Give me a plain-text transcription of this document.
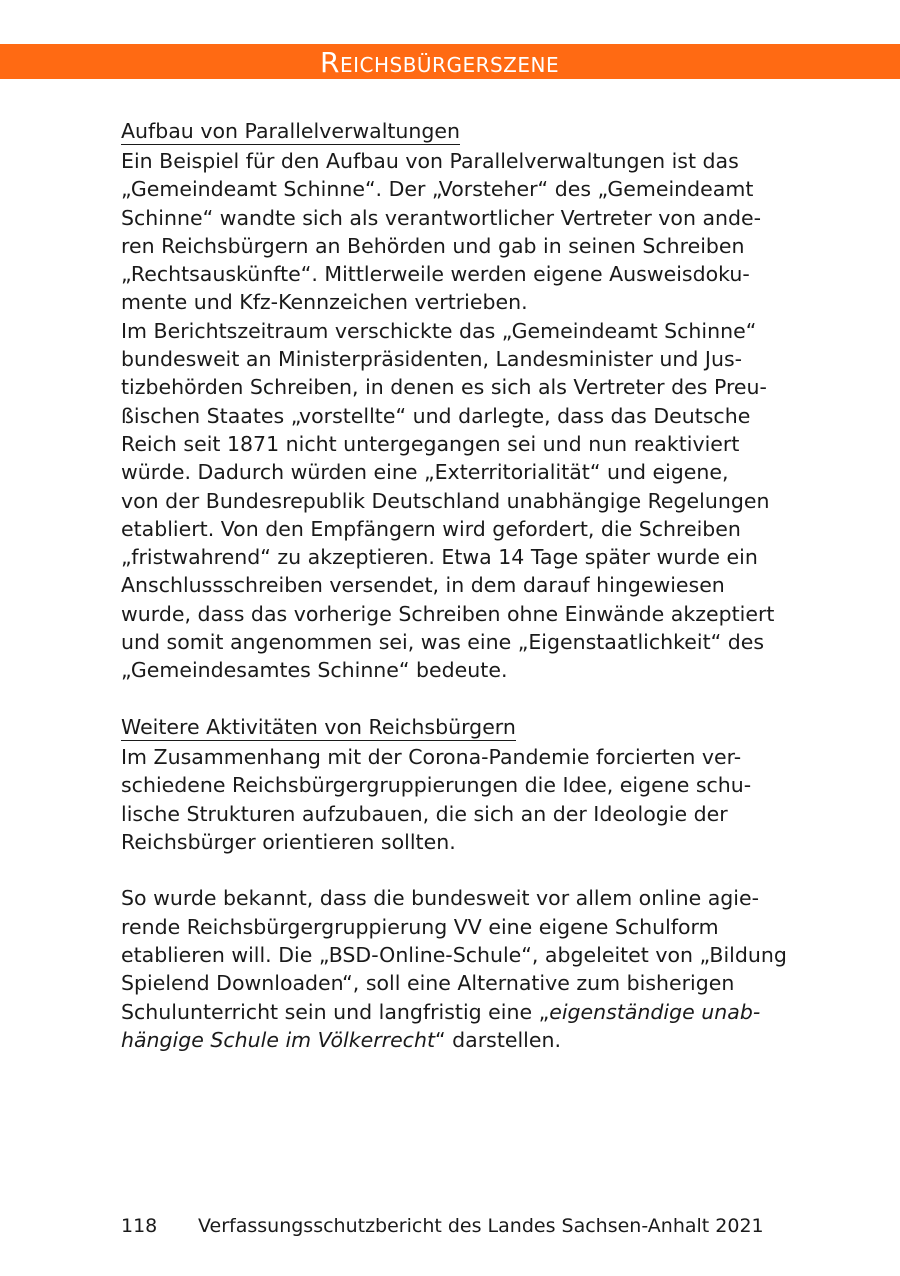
Reichsbürgerszene
Aufbau von Parallelverwaltungen
Ein Beispiel für den Aufbau von Parallelverwaltungen ist das
„Gemeindeamt Schinne“. Der „Vorsteher“ des „Gemeindeamt
Schinne“ wandte sich als verantwortlicher Vertreter von ande-
ren Reichsbürgern an Behörden und gab in seinen Schreiben
„Rechtsauskünfte“. Mittlerweile werden eigene Ausweisdoku-
mente und Kfz-Kennzeichen vertrieben.
Im Berichtszeitraum verschickte das „Gemeindeamt Schinne“
bundesweit an Ministerpräsidenten, Landesminister und Jus-
tizbehörden Schreiben, in denen es sich als Vertreter des Preu-
ßischen Staates „vorstellte“ und darlegte, dass das Deutsche
Reich seit 1871 nicht untergegangen sei und nun reaktiviert
würde. Dadurch würden eine „Exterritorialität“ und eigene,
von der Bundesrepublik Deutschland unabhängige Regelungen
etabliert. Von den Empfängern wird gefordert, die Schreiben
„fristwahrend“ zu akzeptieren. Etwa 14 Tage später wurde ein
Anschlussschreiben versendet, in dem darauf hingewiesen
wurde, dass das vorherige Schreiben ohne Einwände akzeptiert
und somit angenommen sei, was eine „Eigenstaatlichkeit“ des
„Gemeindesamtes Schinne“ bedeute.
Weitere Aktivitäten von Reichsbürgern
Im Zusammenhang mit der Corona-Pandemie forcierten ver-
schiedene Reichsbürgergruppierungen die Idee, eigene schu-
lische Strukturen aufzubauen, die sich an der Ideologie der
Reichsbürger orientieren sollten.
So wurde bekannt, dass die bundesweit vor allem online agie-
rende Reichsbürgergruppierung VV eine eigene Schulform
etablieren will. Die „BSD-Online-Schule“, abgeleitet von „Bildung
Spielend Downloaden“, soll eine Alternative zum bisherigen
Schulunterricht sein und langfristig eine „eigenständige unab-
hängige Schule im Völkerrecht“ darstellen.
118 Verfassungsschutzbericht des Landes Sachsen-Anhalt 2021
